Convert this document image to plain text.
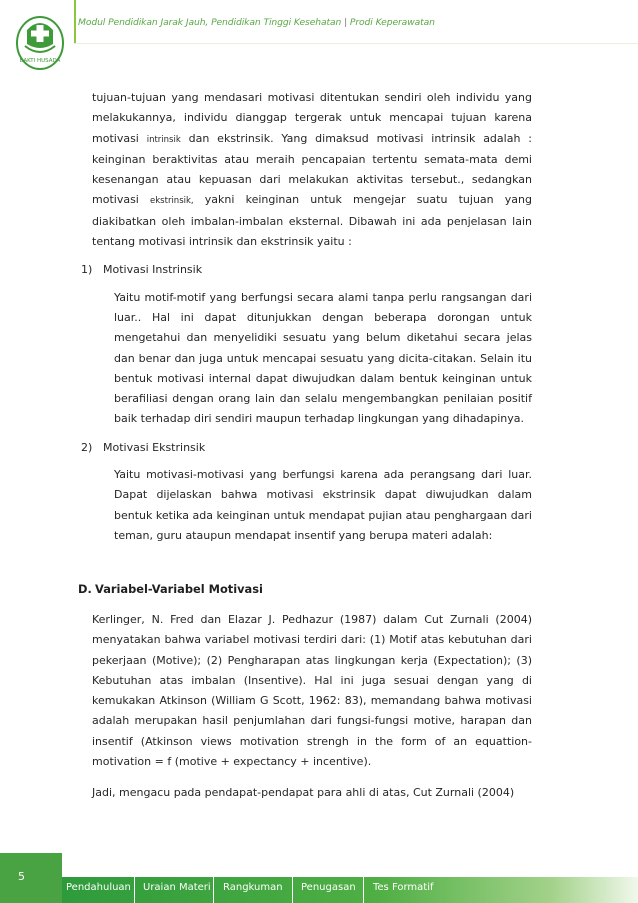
BAKTI HUSADA
Modul Pendidikan Jarak Jauh, Pendidikan Tinggi Kesehatan | Prodi Keperawatan

tujuan-tujuan yang mendasari motivasi ditentukan sendiri oleh individu yang melakukannya, individu dianggap tergerak untuk mencapai tujuan karena motivasi intrinsik dan ekstrinsik. Yang dimaksud motivasi intrinsik adalah : keinginan beraktivitas atau meraih pencapaian tertentu semata-mata demi kesenangan atau kepuasan dari melakukan aktivitas tersebut., sedangkan motivasi ekstrinsik, yakni keinginan untuk mengejar suatu tujuan yang diakibatkan oleh imbalan-imbalan eksternal. Dibawah ini ada penjelasan lain tentang motivasi intrinsik dan ekstrinsik yaitu :

1) Motivasi Instrinsik

Yaitu motif-motif yang berfungsi secara alami tanpa perlu rangsangan dari luar.. Hal ini dapat ditunjukkan dengan beberapa dorongan untuk mengetahui dan menyelidiki sesuatu yang belum diketahui secara jelas dan benar dan juga untuk mencapai sesuatu yang dicita-citakan. Selain itu bentuk motivasi internal dapat diwujudkan dalam bentuk keinginan untuk berafiliasi dengan orang lain dan selalu mengembangkan penilaian positif baik terhadap diri sendiri maupun terhadap lingkungan yang dihadapinya.

2) Motivasi Ekstrinsik

Yaitu motivasi-motivasi yang berfungsi karena ada perangsang dari luar. Dapat dijelaskan bahwa motivasi ekstrinsik dapat diwujudkan dalam bentuk ketika ada keinginan untuk mendapat pujian atau penghargaan dari teman, guru ataupun mendapat insentif yang berupa materi adalah:

D. Variabel-Variabel Motivasi

Kerlinger, N. Fred dan Elazar J. Pedhazur (1987) dalam Cut Zurnali (2004) menyatakan bahwa variabel motivasi terdiri dari: (1) Motif atas kebutuhan dari pekerjaan (Motive); (2) Pengharapan atas lingkungan kerja (Expectation); (3) Kebutuhan atas imbalan (Insentive). Hal ini juga sesuai dengan yang di kemukakan Atkinson (William G Scott, 1962: 83), memandang bahwa motivasi adalah merupakan hasil penjumlahan dari fungsi-fungsi motive, harapan dan insentif (Atkinson views motivation strengh in the form of an equattion-motivation = f (motive + expectancy + incentive).

Jadi, mengacu pada pendapat-pendapat para ahli di atas, Cut Zurnali (2004)

5
Pendahuluan Uraian Materi Rangkuman Penugasan Tes Formatif
